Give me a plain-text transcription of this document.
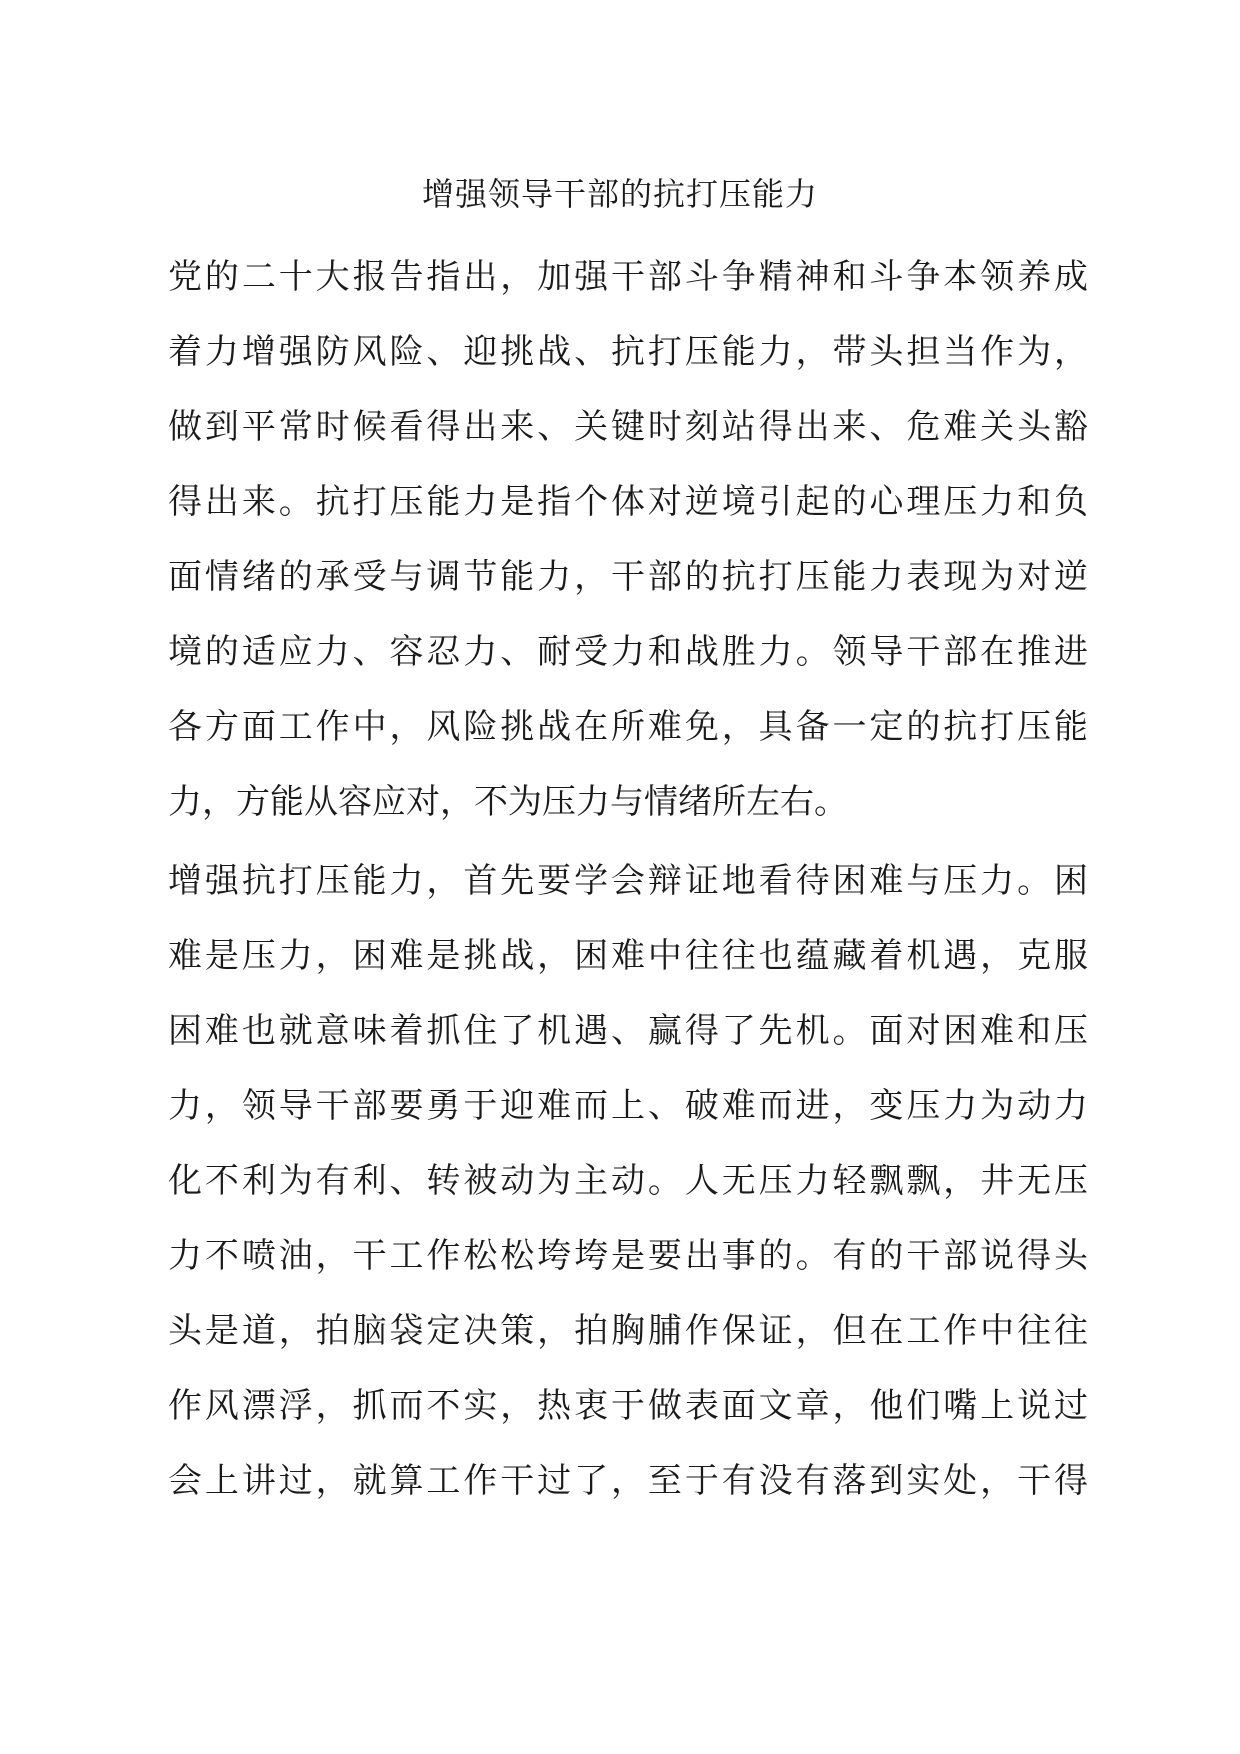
增强领导干部的抗打压能力
党的二十大报告指出，加强干部斗争精神和斗争本领养成
着力增强防风险、迎挑战、抗打压能力，带头担当作为，
做到平常时候看得出来、关键时刻站得出来、危难关头豁
得出来。抗打压能力是指个体对逆境引起的心理压力和负
面情绪的承受与调节能力，干部的抗打压能力表现为对逆
境的适应力、容忍力、耐受力和战胜力。领导干部在推进
各方面工作中，风险挑战在所难免，具备一定的抗打压能
力，方能从容应对，不为压力与情绪所左右。
增强抗打压能力，首先要学会辩证地看待困难与压力。困
难是压力，困难是挑战，困难中往往也蕴藏着机遇，克服
困难也就意味着抓住了机遇、赢得了先机。面对困难和压
力，领导干部要勇于迎难而上、破难而进，变压力为动力
化不利为有利、转被动为主动。人无压力轻飘飘，井无压
力不喷油，干工作松松垮垮是要出事的。有的干部说得头
头是道，拍脑袋定决策，拍胸脯作保证，但在工作中往往
作风漂浮，抓而不实，热衷于做表面文章，他们嘴上说过
会上讲过，就算工作干过了，至于有没有落到实处，干得
